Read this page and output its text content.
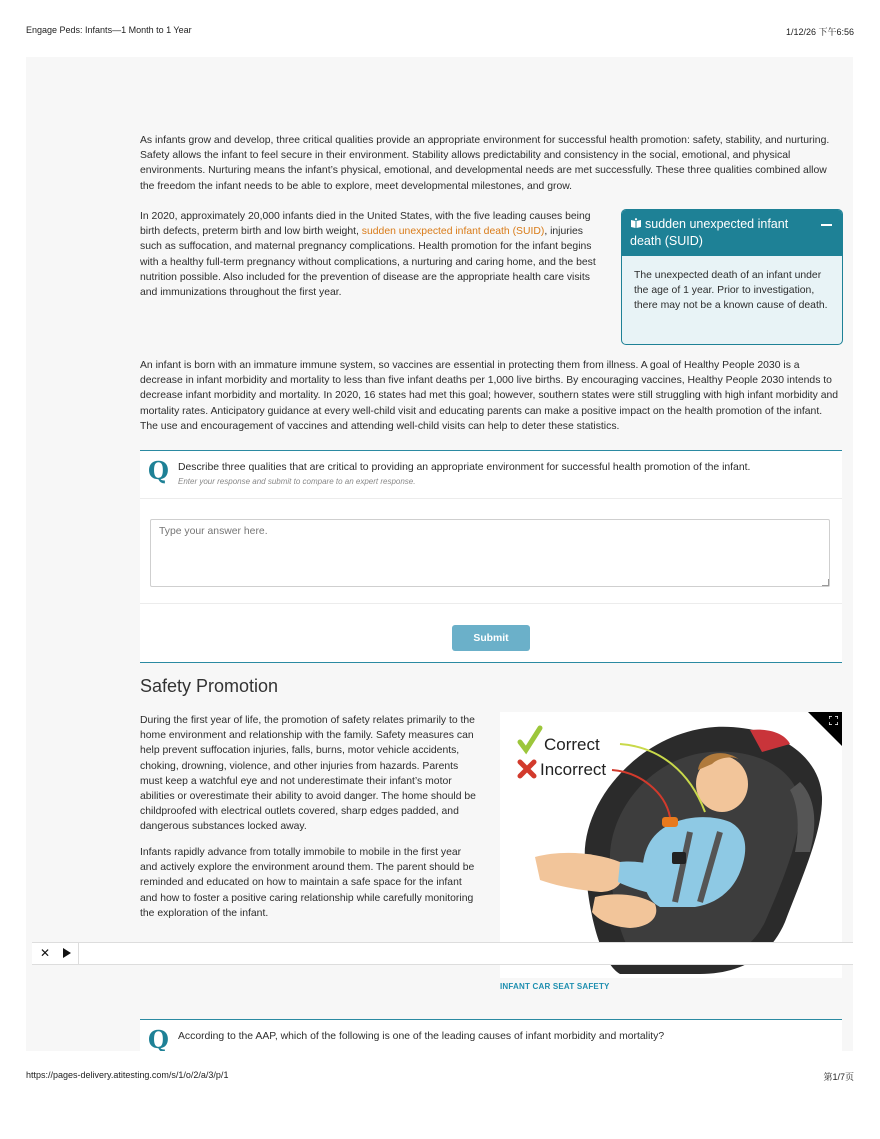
Engage Peds: Infants—1 Month to 1 Year	1/12/26 下午6:56

As infants grow and develop, three critical qualities provide an appropriate environment for successful health promotion: safety, stability, and nurturing. Safety allows the infant to feel secure in their environment. Stability allows predictability and consistency in the social, emotional, and physical environments. Nurturing means the infant’s physical, emotional, and developmental needs are met successfully. These three qualities combined allow the freedom the infant needs to be able to explore, meet developmental milestones, and grow.

In 2020, approximately 20,000 infants died in the United States, with the five leading causes being birth defects, preterm birth and low birth weight, sudden unexpected infant death (SUID), injuries such as suffocation, and maternal pregnancy complications. Health promotion for the infant begins with a healthy full-term pregnancy without complications, a nurturing and caring home, and the best nutrition possible. Also included for the prevention of disease are the appropriate health care visits and immunizations throughout the first year.

sudden unexpected infant death (SUID)
The unexpected death of an infant under the age of 1 year. Prior to investigation, there may not be a known cause of death.

An infant is born with an immature immune system, so vaccines are essential in protecting them from illness. A goal of Healthy People 2030 is a decrease in infant morbidity and mortality to less than five infant deaths per 1,000 live births. By encouraging vaccines, Healthy People 2030 intends to decrease infant morbidity and mortality. In 2020, 16 states had met this goal; however, southern states were still struggling with high infant morbidity and mortality rates. Anticipatory guidance at every well-child visit and educating parents can make a positive impact on the health promotion of the infant. The use and encouragement of vaccines and attending well-child visits can help to deter these statistics.

Q Describe three qualities that are critical to providing an appropriate environment for successful health promotion of the infant.
Enter your response and submit to compare to an expert response.
Type your answer here.
Submit
Safety Promotion

During the first year of life, the promotion of safety relates primarily to the home environment and relationship with the family. Safety measures can help prevent suffocation injuries, falls, burns, motor vehicle accidents, choking, drowning, violence, and other injuries from hazards. Parents must keep a watchful eye and not underestimate their infant’s motor abilities or overestimate their ability to avoid danger. The home should be childproofed with electrical outlets covered, sharp edges padded, and dangerous substances locked away.

Infants rapidly advance from totally immobile to mobile in the first year and actively explore the environment around them. The parent should be reminded and educated on how to maintain a safe space for the infant and how to foster a positive caring relationship while carefully monitoring the exploration of the infant.

Correct
Incorrect
INFANT CAR SEAT SAFETY
✕
Q According to the AAP, which of the following is one of the leading causes of infant morbidity and mortality?
https://pages-delivery.atitesting.com/s/1/o/2/a/3/p/1	第1/7页
